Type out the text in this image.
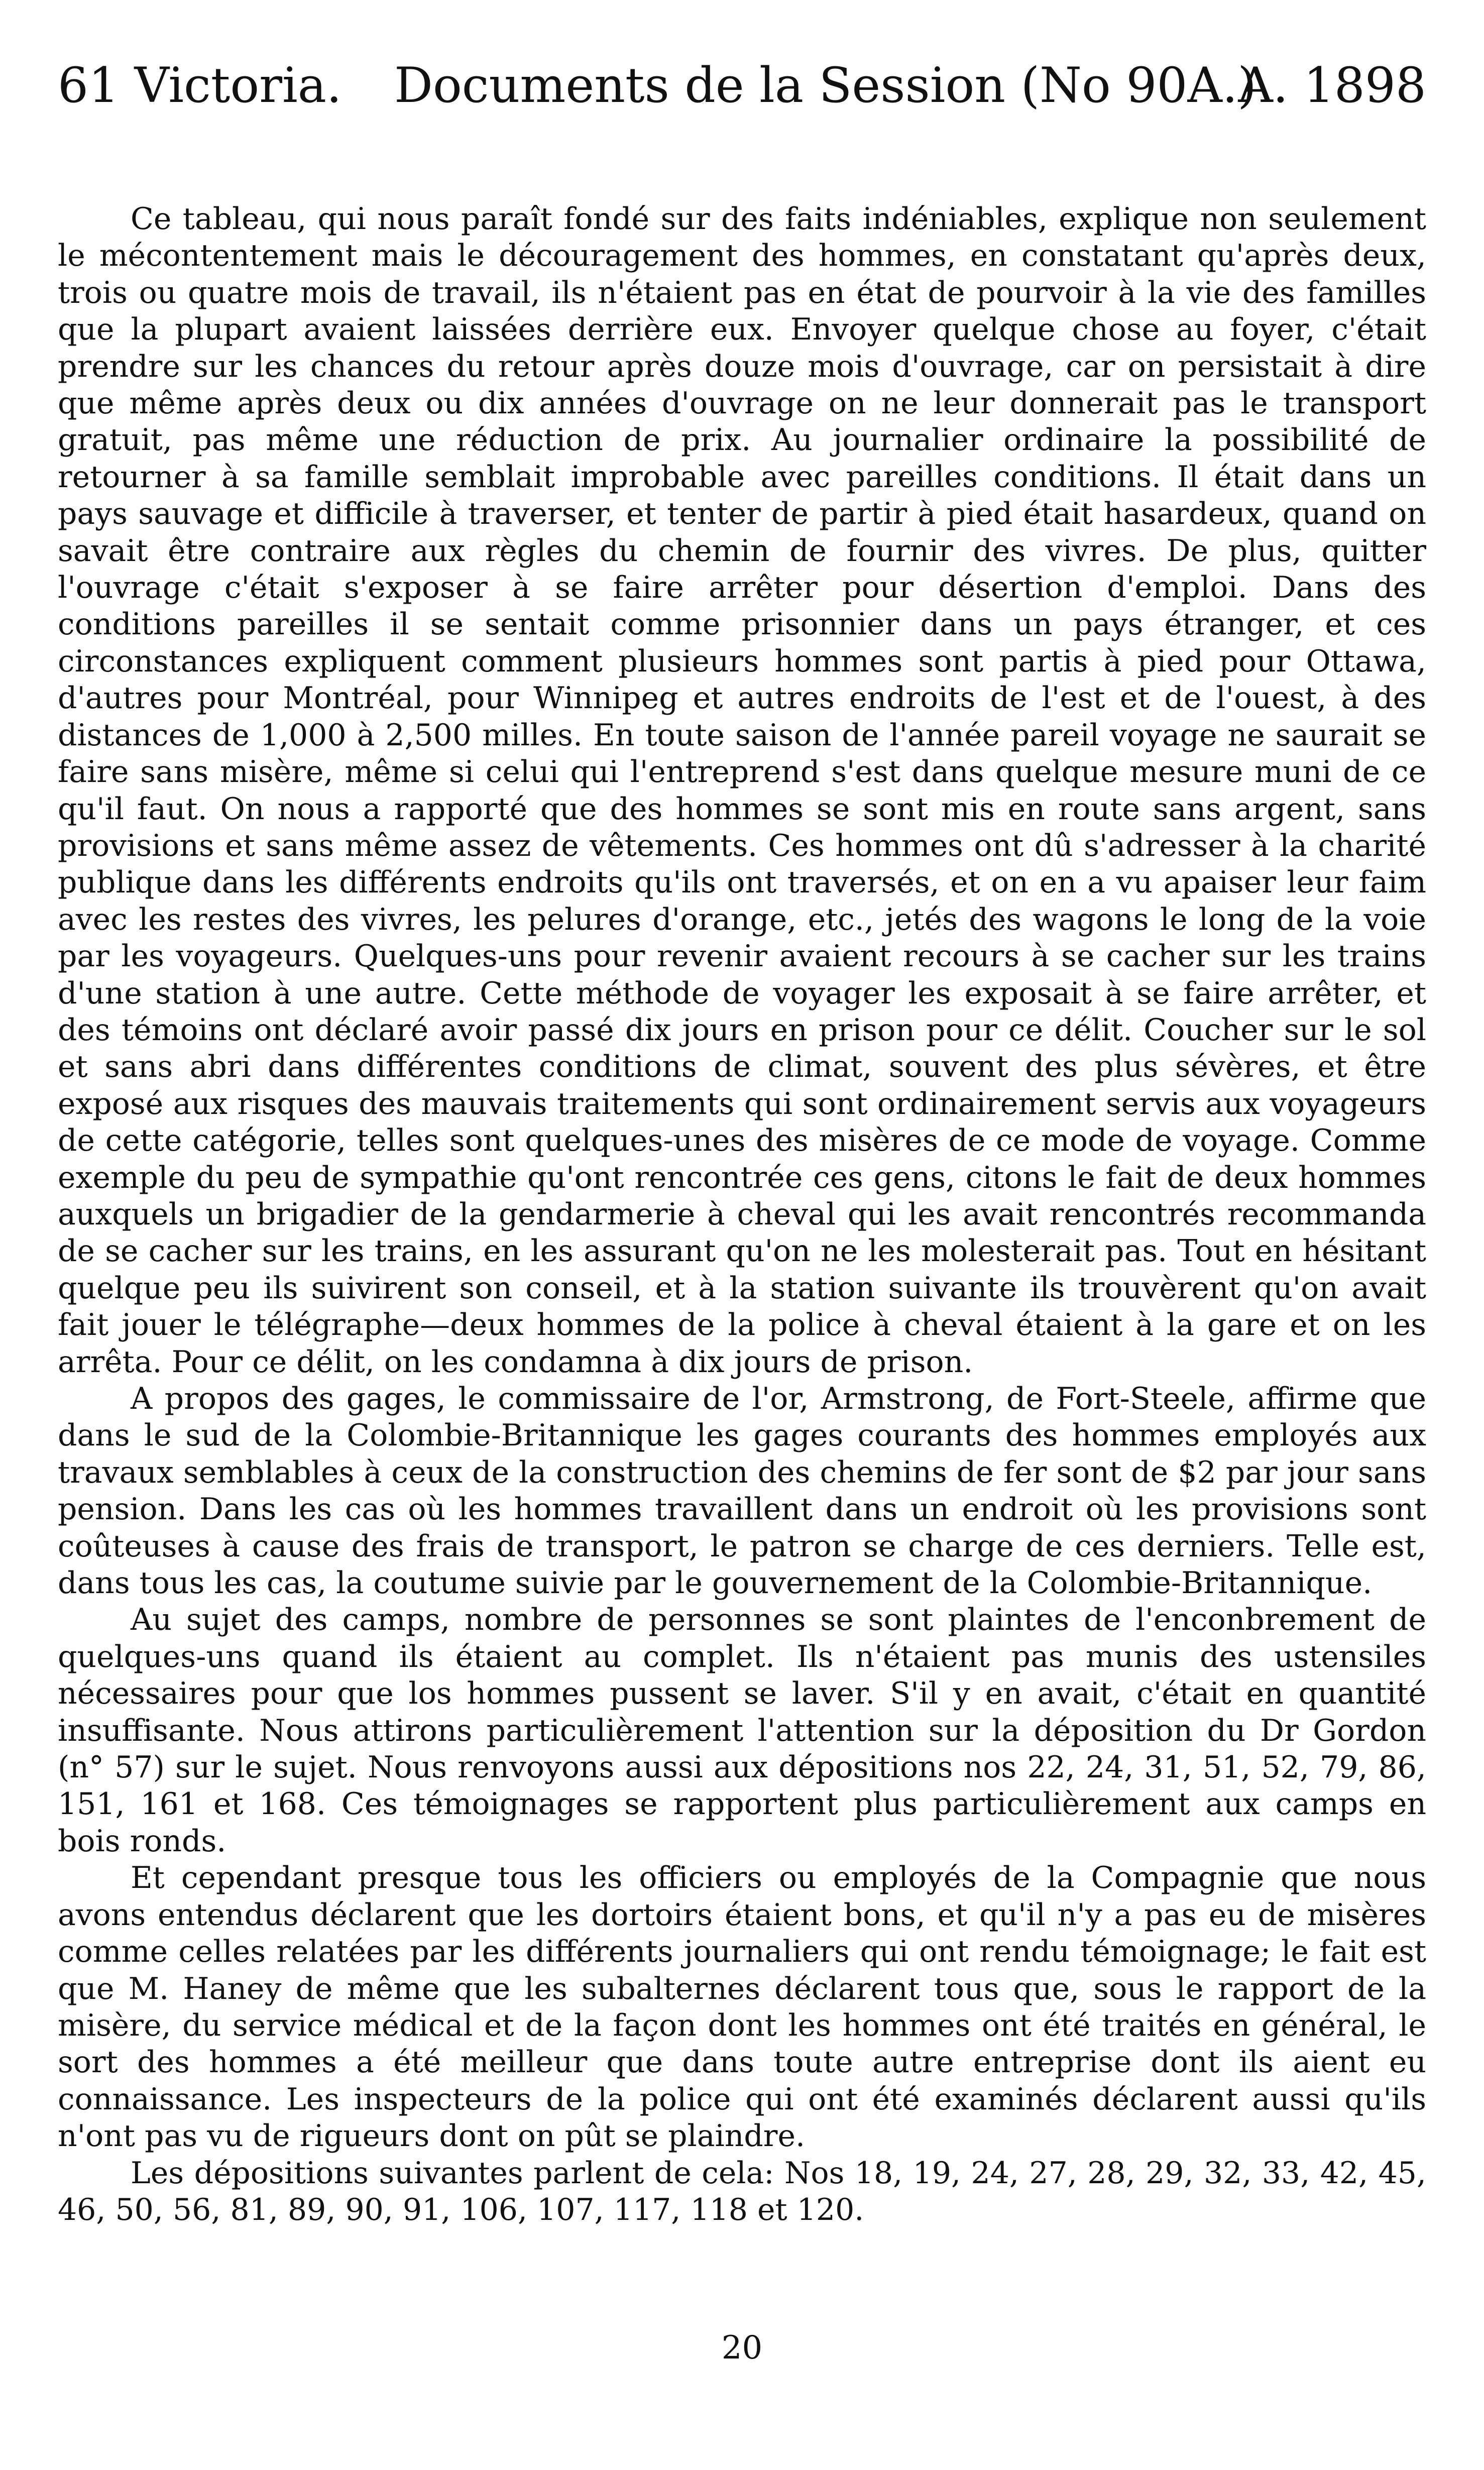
61 Victoria. Documents de la Session (No 90A.)
A. 1898

Ce tableau, qui nous paraît fondé sur des faits indéniables, explique non seulement le mécontentement mais le découragement des hommes, en constatant qu'après deux, trois ou quatre mois de travail, ils n'étaient pas en état de pourvoir à la vie des familles que la plupart avaient laissées derrière eux. Envoyer quelque chose au foyer, c'était prendre sur les chances du retour après douze mois d'ouvrage, car on persistait à dire que même après deux ou dix années d'ouvrage on ne leur donnerait pas le transport gratuit, pas même une réduction de prix. Au journalier ordinaire la possibilité de retourner à sa famille semblait improbable avec pareilles conditions. Il était dans un pays sauvage et difficile à traverser, et tenter de partir à pied était hasardeux, quand on savait être contraire aux règles du chemin de fournir des vivres. De plus, quitter l'ouvrage c'était s'exposer à se faire arrêter pour désertion d'emploi. Dans des conditions pareilles il se sentait comme prisonnier dans un pays étranger, et ces circonstances expliquent comment plusieurs hommes sont partis à pied pour Ottawa, d'autres pour Montréal, pour Winnipeg et autres endroits de l'est et de l'ouest, à des distances de 1,000 à 2,500 milles. En toute saison de l'année pareil voyage ne saurait se faire sans misère, même si celui qui l'entreprend s'est dans quelque mesure muni de ce qu'il faut. On nous a rapporté que des hommes se sont mis en route sans argent, sans provisions et sans même assez de vêtements. Ces hommes ont dû s'adresser à la charité publique dans les différents endroits qu'ils ont traversés, et on en a vu apaiser leur faim avec les restes des vivres, les pelures d'orange, etc., jetés des wagons le long de la voie par les voyageurs. Quelques-uns pour revenir avaient recours à se cacher sur les trains d'une station à une autre. Cette méthode de voyager les exposait à se faire arrêter, et des témoins ont déclaré avoir passé dix jours en prison pour ce délit. Coucher sur le sol et sans abri dans différentes conditions de climat, souvent des plus sévères, et être exposé aux risques des mauvais traitements qui sont ordinairement servis aux voyageurs de cette catégorie, telles sont quelques-unes des misères de ce mode de voyage. Comme exemple du peu de sympathie qu'ont rencontrée ces gens, citons le fait de deux hommes auxquels un brigadier de la gendarmerie à cheval qui les avait rencontrés recommanda de se cacher sur les trains, en les assurant qu'on ne les molesterait pas. Tout en hésitant quelque peu ils suivirent son conseil, et à la station suivante ils trouvèrent qu'on avait fait jouer le télégraphe—deux hommes de la police à cheval étaient à la gare et on les arrêta. Pour ce délit, on les condamna à dix jours de prison.

A propos des gages, le commissaire de l'or, Armstrong, de Fort-Steele, affirme que dans le sud de la Colombie-Britannique les gages courants des hommes employés aux travaux semblables à ceux de la construction des chemins de fer sont de $2 par jour sans pension. Dans les cas où les hommes travaillent dans un endroit où les provisions sont coûteuses à cause des frais de transport, le patron se charge de ces derniers. Telle est, dans tous les cas, la coutume suivie par le gouvernement de la Colombie-Britannique.

Au sujet des camps, nombre de personnes se sont plaintes de l'enconbrement de quelques-uns quand ils étaient au complet. Ils n'étaient pas munis des ustensiles nécessaires pour que los hommes pussent se laver. S'il y en avait, c'était en quantité insuffisante. Nous attirons particulièrement l'attention sur la déposition du Dr Gordon (n° 57) sur le sujet. Nous renvoyons aussi aux dépositions nos 22, 24, 31, 51, 52, 79, 86, 151, 161 et 168. Ces témoignages se rapportent plus particulièrement aux camps en bois ronds.

Et cependant presque tous les officiers ou employés de la Compagnie que nous avons entendus déclarent que les dortoirs étaient bons, et qu'il n'y a pas eu de misères comme celles relatées par les différents journaliers qui ont rendu témoignage; le fait est que M. Haney de même que les subalternes déclarent tous que, sous le rapport de la misère, du service médical et de la façon dont les hommes ont été traités en général, le sort des hommes a été meilleur que dans toute autre entreprise dont ils aient eu connaissance. Les inspecteurs de la police qui ont été examinés déclarent aussi qu'ils n'ont pas vu de rigueurs dont on pût se plaindre.

Les dépositions suivantes parlent de cela: Nos 18, 19, 24, 27, 28, 29, 32, 33, 42, 45, 46, 50, 56, 81, 89, 90, 91, 106, 107, 117, 118 et 120.

20
